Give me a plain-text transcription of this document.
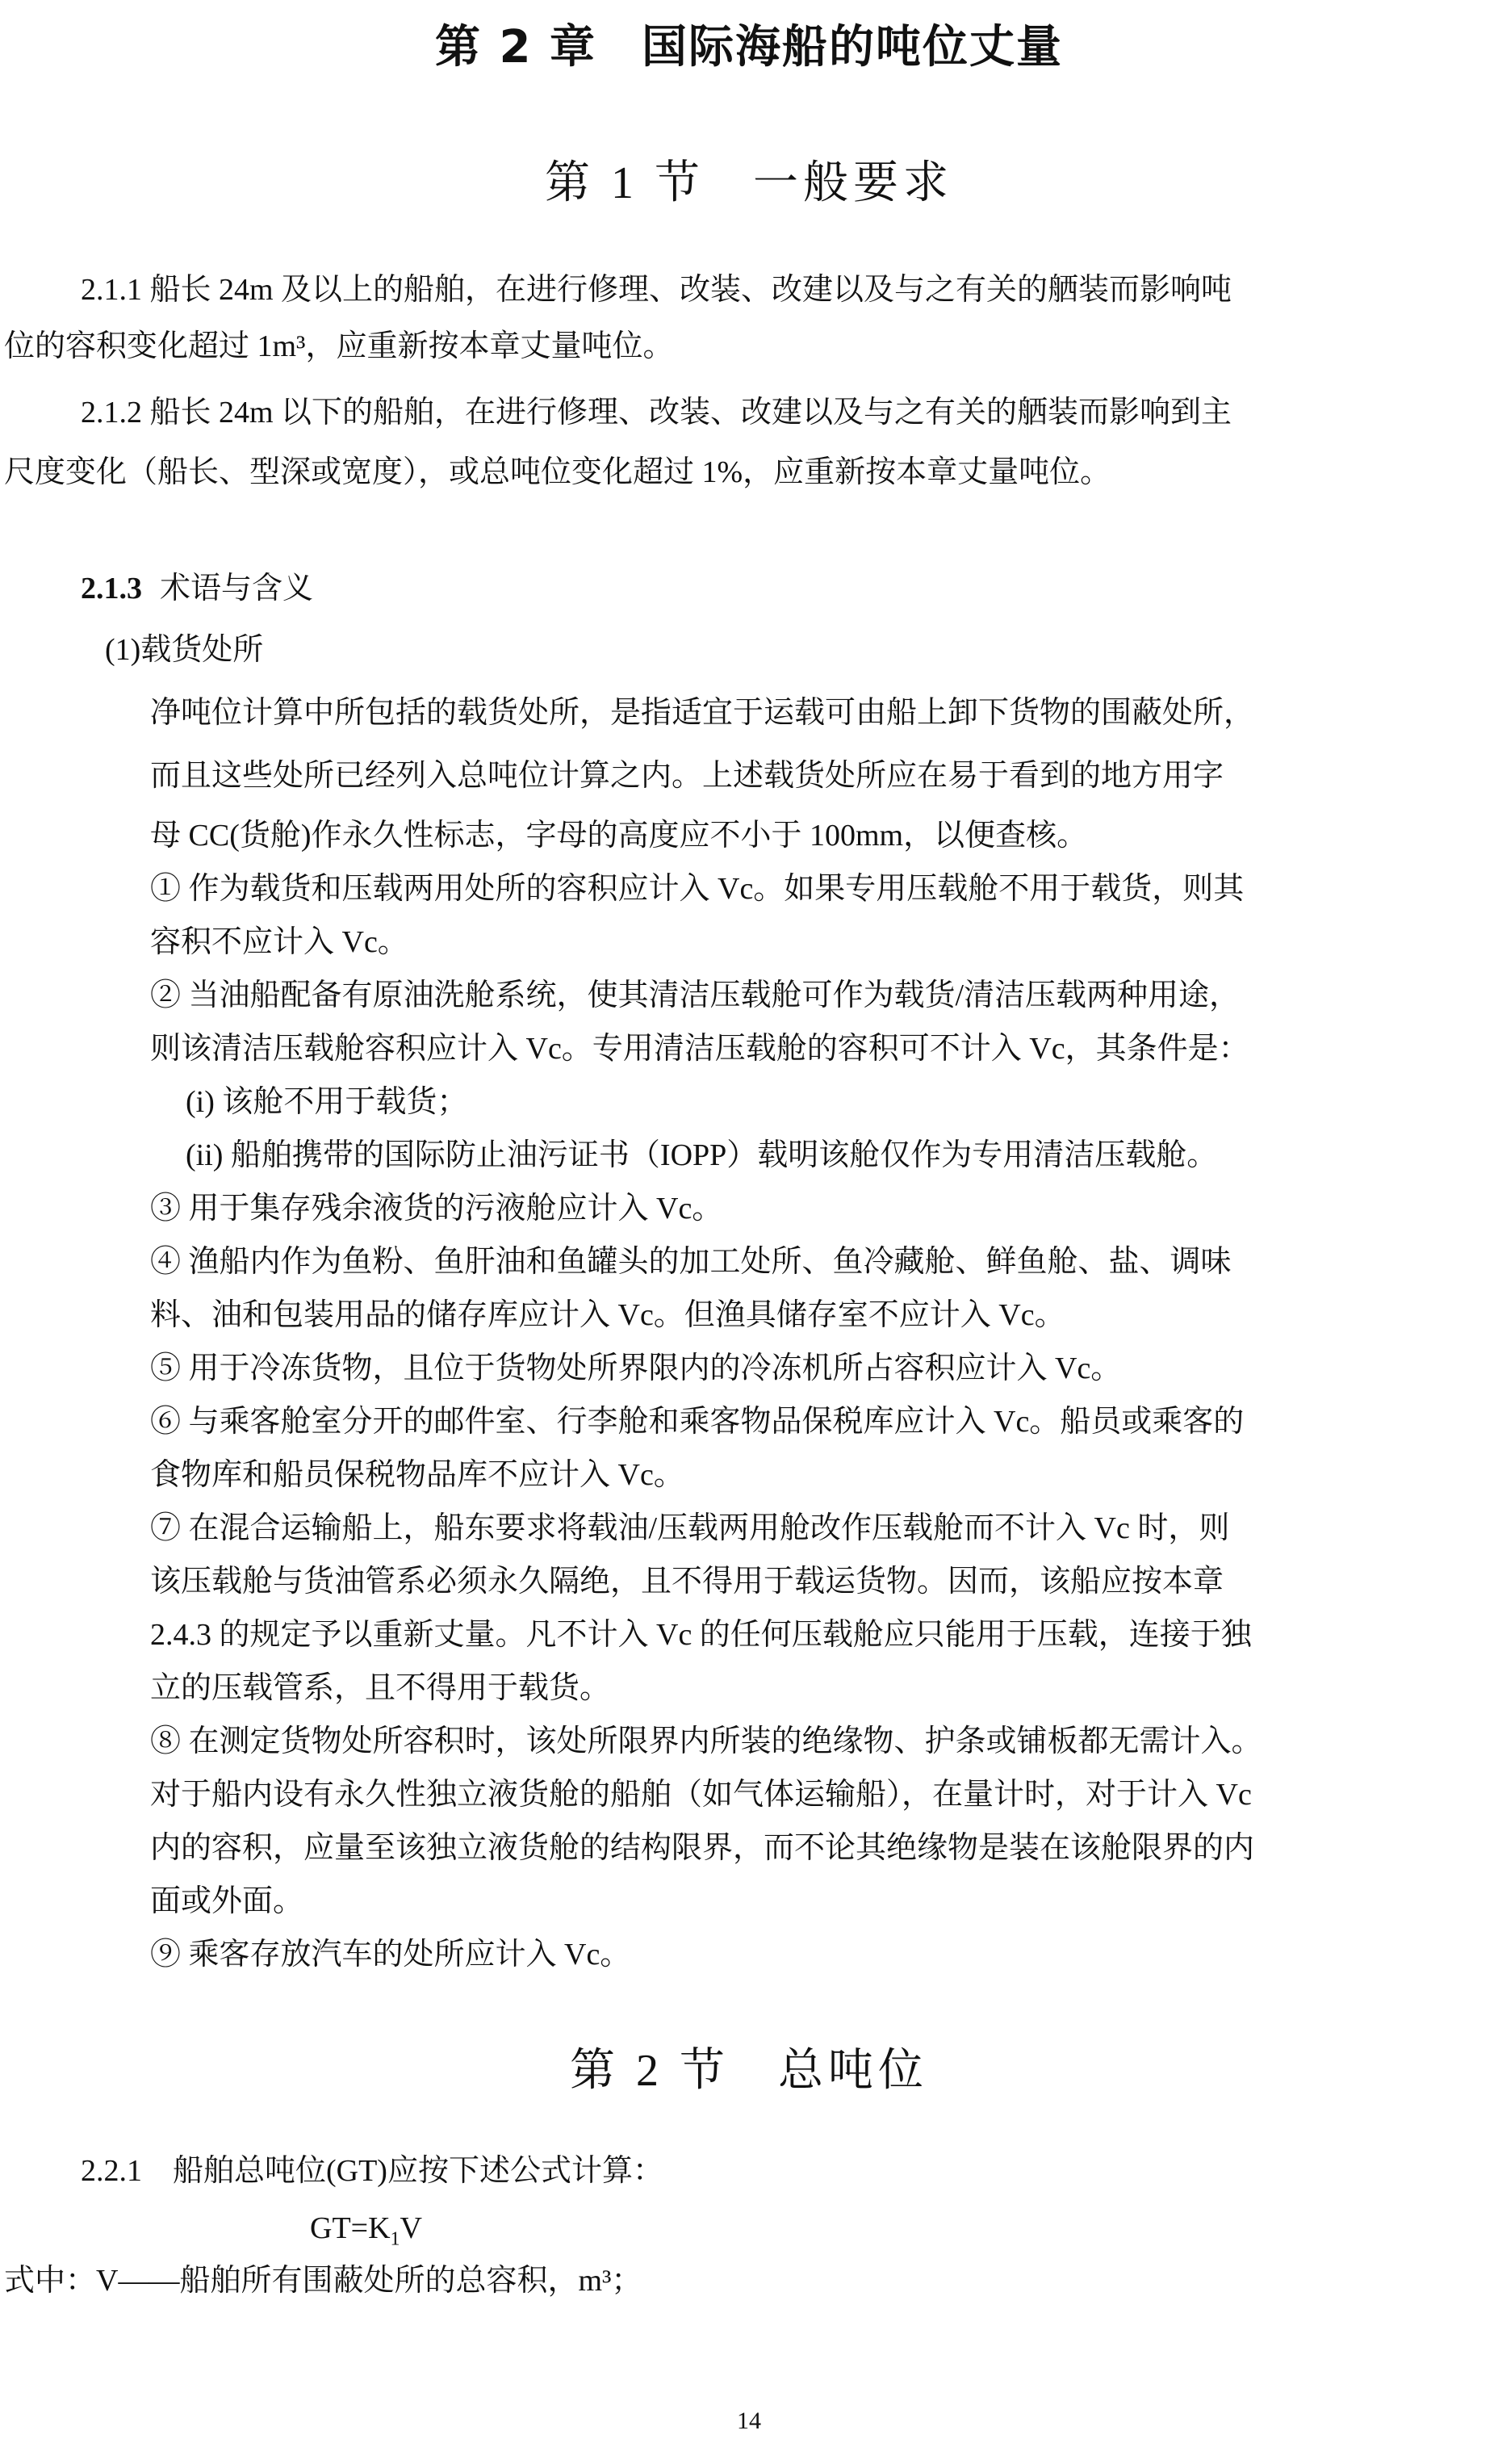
第 2 章 国际海船的吨位丈量
第 1 节 一般要求
2.1.1 船长 24m 及以上的船舶，在进行修理、改装、改建以及与之有关的舾装而影响吨
位的容积变化超过 1m³，应重新按本章丈量吨位。
2.1.2 船长 24m 以下的船舶，在进行修理、改装、改建以及与之有关的舾装而影响到主
尺度变化（船长、型深或宽度），或总吨位变化超过 1%，应重新按本章丈量吨位。
2.1.3 术语与含义
(1)载货处所
净吨位计算中所包括的载货处所，是指适宜于运载可由船上卸下货物的围蔽处所，
而且这些处所已经列入总吨位计算之内。上述载货处所应在易于看到的地方用字
母 CC(货舱)作永久性标志，字母的高度应不小于 100mm，以便查核。
① 作为载货和压载两用处所的容积应计入 Vc。如果专用压载舱不用于载货，则其
容积不应计入 Vc。
② 当油船配备有原油洗舱系统，使其清洁压载舱可作为载货/清洁压载两种用途，
则该清洁压载舱容积应计入 Vc。专用清洁压载舱的容积可不计入 Vc，其条件是：
(i) 该舱不用于载货；
(ii) 船舶携带的国际防止油污证书（IOPP）载明该舱仅作为专用清洁压载舱。
③ 用于集存残余液货的污液舱应计入 Vc。
④ 渔船内作为鱼粉、鱼肝油和鱼罐头的加工处所、鱼冷藏舱、鲜鱼舱、盐、调味
料、油和包装用品的储存库应计入 Vc。但渔具储存室不应计入 Vc。
⑤ 用于冷冻货物，且位于货物处所界限内的冷冻机所占容积应计入 Vc。
⑥ 与乘客舱室分开的邮件室、行李舱和乘客物品保税库应计入 Vc。船员或乘客的
食物库和船员保税物品库不应计入 Vc。
⑦ 在混合运输船上，船东要求将载油/压载两用舱改作压载舱而不计入 Vc 时，则
该压载舱与货油管系必须永久隔绝，且不得用于载运货物。因而，该船应按本章
2.4.3 的规定予以重新丈量。凡不计入 Vc 的任何压载舱应只能用于压载，连接于独
立的压载管系，且不得用于载货。
⑧ 在测定货物处所容积时，该处所限界内所装的绝缘物、护条或铺板都无需计入。
对于船内设有永久性独立液货舱的船舶（如气体运输船），在量计时，对于计入 Vc
内的容积，应量至该独立液货舱的结构限界，而不论其绝缘物是装在该舱限界的内
面或外面。
⑨ 乘客存放汽车的处所应计入 Vc。
第 2 节 总吨位
2.2.1　船舶总吨位(GT)应按下述公式计算：
$GT=K_1V$
式中：V——船舶所有围蔽处所的总容积，m³；
14
